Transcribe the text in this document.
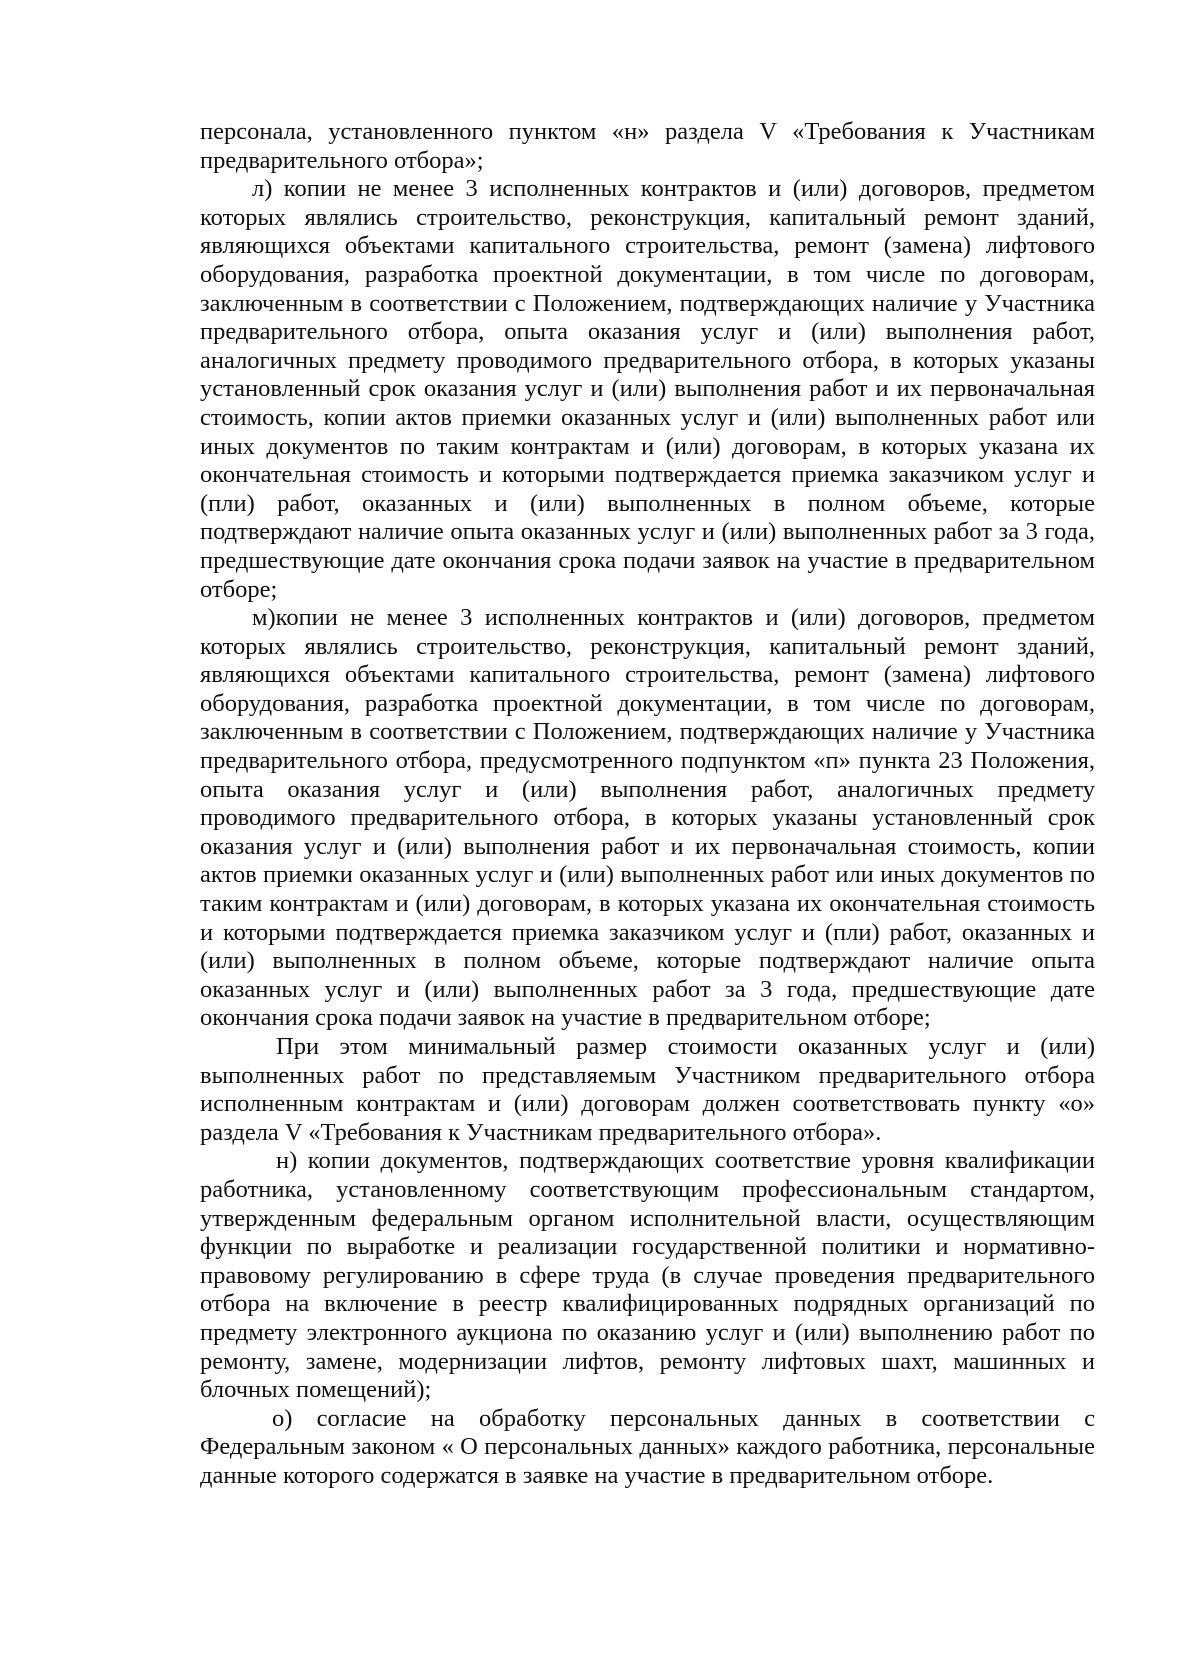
персонала, установленного пунктом «н» раздела V «Требования к Участникам предварительного отбора»;

л) копии не менее 3 исполненных контрактов и (или) договоров, предметом которых являлись строительство, реконструкция, капитальный ремонт зданий, являющихся объектами капитального строительства, ремонт (замена) лифтового оборудования, разработка проектной документации, в том числе по договорам, заключенным в соответствии с Положением, подтверждающих наличие у Участника предварительного отбора, опыта оказания услуг и (или) выполнения работ, аналогичных предмету проводимого предварительного отбора, в которых указаны установленный срок оказания услуг и (или) выполнения работ и их первоначальная стоимость, копии актов приемки оказанных услуг и (или) выполненных работ или иных документов по таким контрактам и (или) договорам, в которых указана их окончательная стоимость и которыми подтверждается приемка заказчиком услуг и (пли) работ, оказанных и (или) выполненных в полном объеме, которые подтверждают наличие опыта оказанных услуг и (или) выполненных работ за 3 года, предшествующие дате окончания срока подачи заявок на участие в предварительном отборе;

м)копии не менее 3 исполненных контрактов и (или) договоров, предметом которых являлись строительство, реконструкция, капитальный ремонт зданий, являющихся объектами капитального строительства, ремонт (замена) лифтового оборудования, разработка проектной документации, в том числе по договорам, заключенным в соответствии с Положением, подтверждающих наличие у Участника предварительного отбора, предусмотренного подпунктом «п» пункта 23 Положения, опыта оказания услуг и (или) выполнения работ, аналогичных предмету проводимого предварительного отбора, в которых указаны установленный срок оказания услуг и (или) выполнения работ и их первоначальная стоимость, копии актов приемки оказанных услуг и (или) выполненных работ или иных документов по таким контрактам и (или) договорам, в которых указана их окончательная стоимость и которыми подтверждается приемка заказчиком услуг и (пли) работ, оказанных и (или) выполненных в полном объеме, которые подтверждают наличие опыта оказанных услуг и (или) выполненных работ за 3 года, предшествующие дате окончания срока подачи заявок на участие в предварительном отборе;

При этом минимальный размер стоимости оказанных услуг и (или) выполненных работ по представляемым Участником предварительного отбора исполненным контрактам и (или) договорам должен соответствовать пункту «о» раздела V «Требования к Участникам предварительного отбора».

н) копии документов, подтверждающих соответствие уровня квалификации работника, установленному соответствующим профессиональным стандартом, утвержденным федеральным органом исполнительной власти, осуществляющим функции по выработке и реализации государственной политики и нормативно-правовому регулированию в сфере труда (в случае проведения предварительного отбора на включение в реестр квалифицированных подрядных организаций по предмету электронного аукциона по оказанию услуг и (или) выполнению работ по ремонту, замене, модернизации лифтов, ремонту лифтовых шахт, машинных и блочных помещений);

о) согласие на обработку персональных данных в соответствии с Федеральным законом « О персональных данных» каждого работника, персональные данные которого содержатся в заявке на участие в предварительном отборе.
